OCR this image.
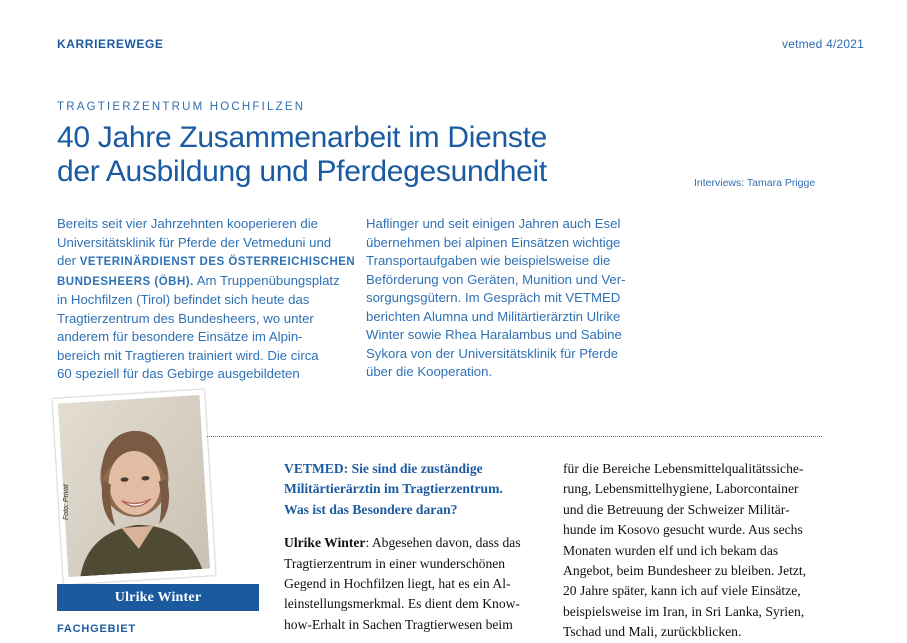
KARRIEREWEGE	vetmed 4/2021
TRAGTIERZENTRUM HOCHFILZEN
40 Jahre Zusammenarbeit im Dienste
der Ausbildung und Pferdegesundheit	Interviews: Tamara Prigge
Bereits seit vier Jahrzehnten kooperieren die
Universitätsklinik für Pferde der Vetmeduni und
der VETERINÄRDIENST DES ÖSTERREICHISCHEN
BUNDESHEERS (ÖBH). Am Truppenübungsplatz
in Hochfilzen (Tirol) befindet sich heute das
Tragtierzentrum des Bundesheers, wo unter
anderem für besondere Einsätze im Alpin-
bereich mit Tragtieren trainiert wird. Die circa
60 speziell für das Gebirge ausgebildeten
Haflinger und seit einigen Jahren auch Esel
übernehmen bei alpinen Einsätzen wichtige
Transportaufgaben wie beispielsweise die
Beförderung von Geräten, Munition und Ver-
sorgungsgütern. Im Gespräch mit VETMED
berichten Alumna und Militärtierärztin Ulrike
Winter sowie Rhea Haralambus und Sabine
Sykora von der Universitätsklinik für Pferde
über die Kooperation.
Foto: Privat
Ulrike Winter
FACHGEBIET
VETMED: Sie sind die zuständige
Militärtierärztin im Tragtierzentrum.
Was ist das Besondere daran?
Ulrike Winter: Abgesehen davon, dass das
Tragtierzentrum in einer wunderschönen
Gegend in Hochfilzen liegt, hat es ein Al-
leinstellungsmerkmal. Es dient dem Know-
how-Erhalt in Sachen Tragtierwesen beim
für die Bereiche Lebensmittelqualitätssiche-
rung, Lebensmittelhygiene, Laborcontainer
und die Betreuung der Schweizer Militär-
hunde im Kosovo gesucht wurde. Aus sechs
Monaten wurden elf und ich bekam das
Angebot, beim Bundesheer zu bleiben. Jetzt,
20 Jahre später, kann ich auf viele Einsätze,
beispielsweise im Iran, in Sri Lanka, Syrien,
Tschad und Mali, zurückblicken.
